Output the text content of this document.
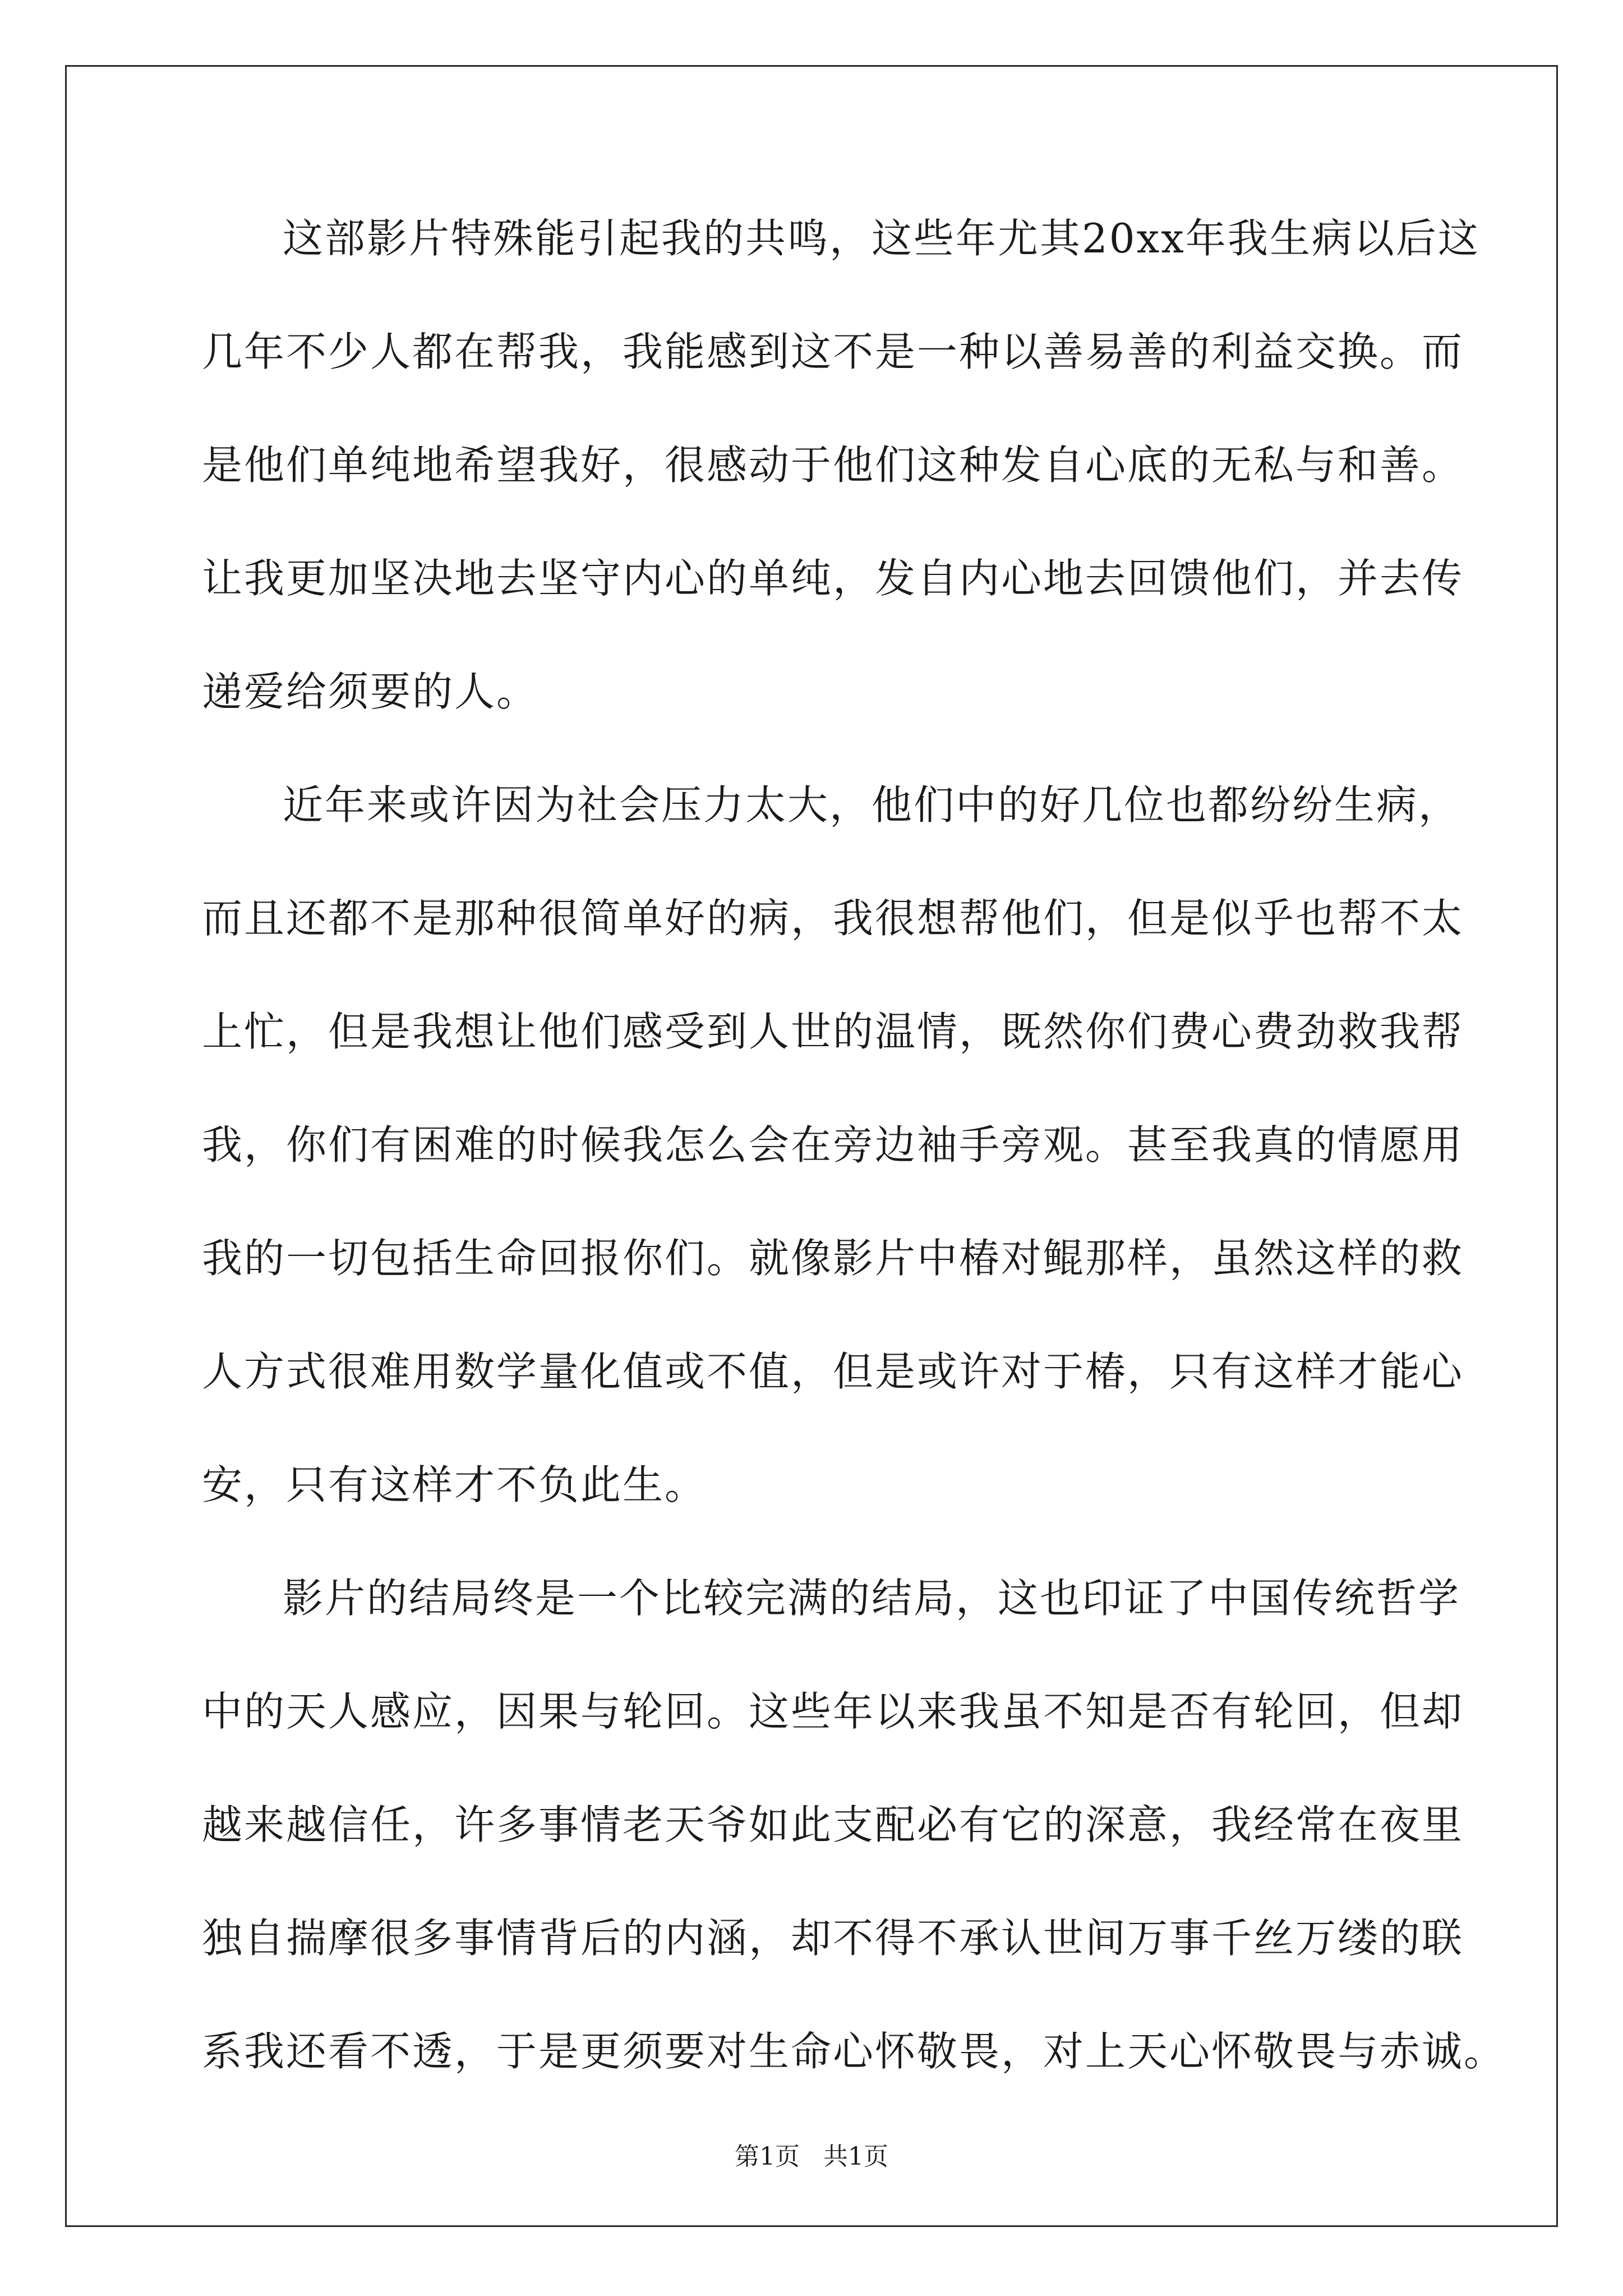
这部影片特殊能引起我的共鸣，这些年尤其20xx年我生病以后这
几年不少人都在帮我，我能感到这不是一种以善易善的利益交换。而
是他们单纯地希望我好，很感动于他们这种发自心底的无私与和善。
让我更加坚决地去坚守内心的单纯，发自内心地去回馈他们，并去传
递爱给须要的人。
近年来或许因为社会压力太大，他们中的好几位也都纷纷生病，
而且还都不是那种很简单好的病，我很想帮他们，但是似乎也帮不太
上忙，但是我想让他们感受到人世的温情，既然你们费心费劲救我帮
我，你们有困难的时候我怎么会在旁边袖手旁观。甚至我真的情愿用
我的一切包括生命回报你们。就像影片中椿对鲲那样，虽然这样的救
人方式很难用数学量化值或不值，但是或许对于椿，只有这样才能心
安，只有这样才不负此生。
影片的结局终是一个比较完满的结局，这也印证了中国传统哲学
中的天人感应，因果与轮回。这些年以来我虽不知是否有轮回，但却
越来越信任，许多事情老天爷如此支配必有它的深意，我经常在夜里
独自揣摩很多事情背后的内涵，却不得不承认世间万事千丝万缕的联
系我还看不透，于是更须要对生命心怀敬畏，对上天心怀敬畏与赤诚。
第1页   共1页
